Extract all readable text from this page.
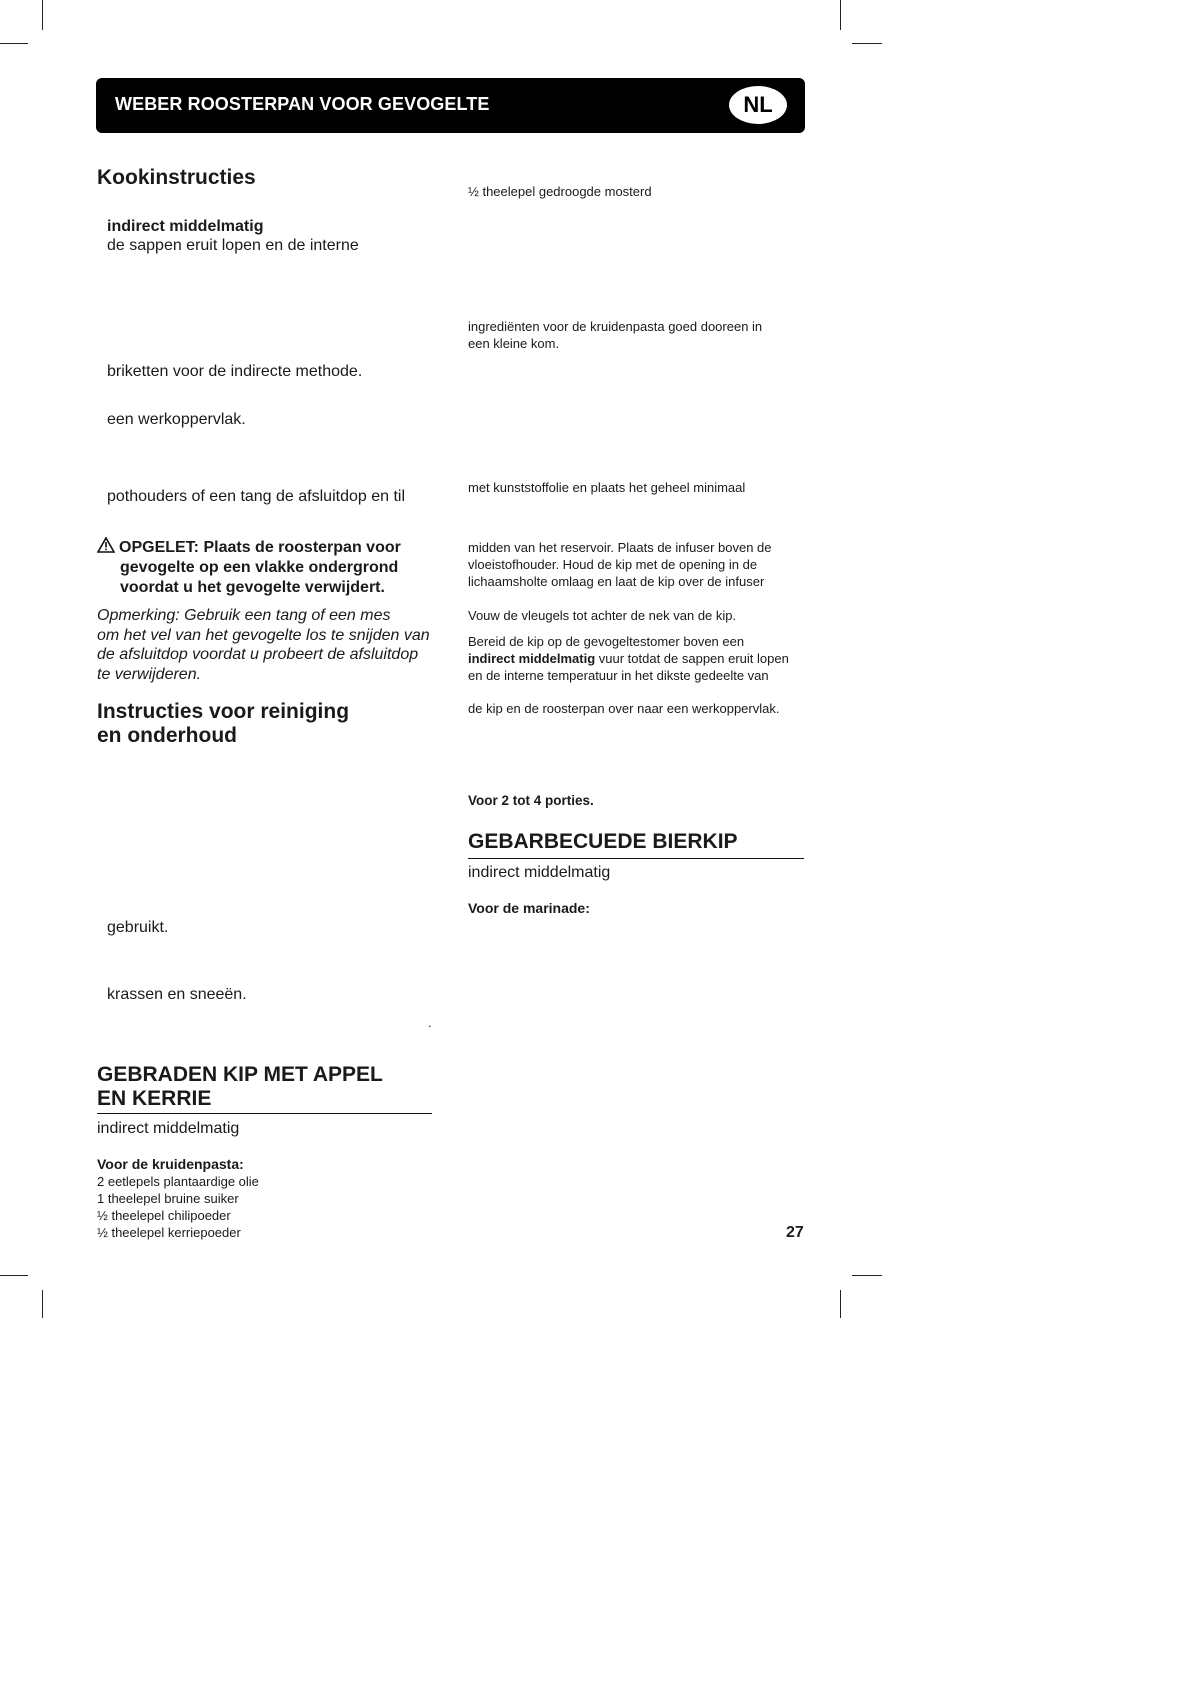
WEBER ROOSTERPAN VOOR GEVOGELTE	NL
Kookinstructies
indirect middelmatig
de sappen eruit lopen en de interne
briketten voor de indirecte methode.
een werkoppervlak.
pothouders of een tang de afsluitdop en til
OPGELET: Plaats de roosterpan voor
gevogelte op een vlakke ondergrond
voordat u het gevogelte verwijdert.
Opmerking: Gebruik een tang of een mes
om het vel van het gevogelte los te snijden van
de afsluitdop voordat u probeert de afsluitdop
te verwijderen.
Instructies voor reiniging
en onderhoud
gebruikt.
krassen en sneeën.
.
GEBRADEN KIP MET APPEL
EN KERRIE
indirect middelmatig
Voor de kruidenpasta:
2 eetlepels plantaardige olie
1 theelepel bruine suiker
½ theelepel chilipoeder
½ theelepel kerriepoeder
½ theelepel gedroogde mosterd
ingrediënten voor de kruidenpasta goed dooreen in
een kleine kom.
met kunststoffolie en plaats het geheel minimaal
midden van het reservoir. Plaats de infuser boven de
vloeistofhouder. Houd de kip met de opening in de
lichaamsholte omlaag en laat de kip over de infuser
Vouw de vleugels tot achter de nek van de kip.
Bereid de kip op de gevogeltestomer boven een
indirect middelmatig vuur totdat de sappen eruit lopen
en de interne temperatuur in het dikste gedeelte van
de kip en de roosterpan over naar een werkoppervlak.
Voor 2 tot 4 porties.
GEBARBECUEDE BIERKIP
indirect middelmatig
Voor de marinade:
27
